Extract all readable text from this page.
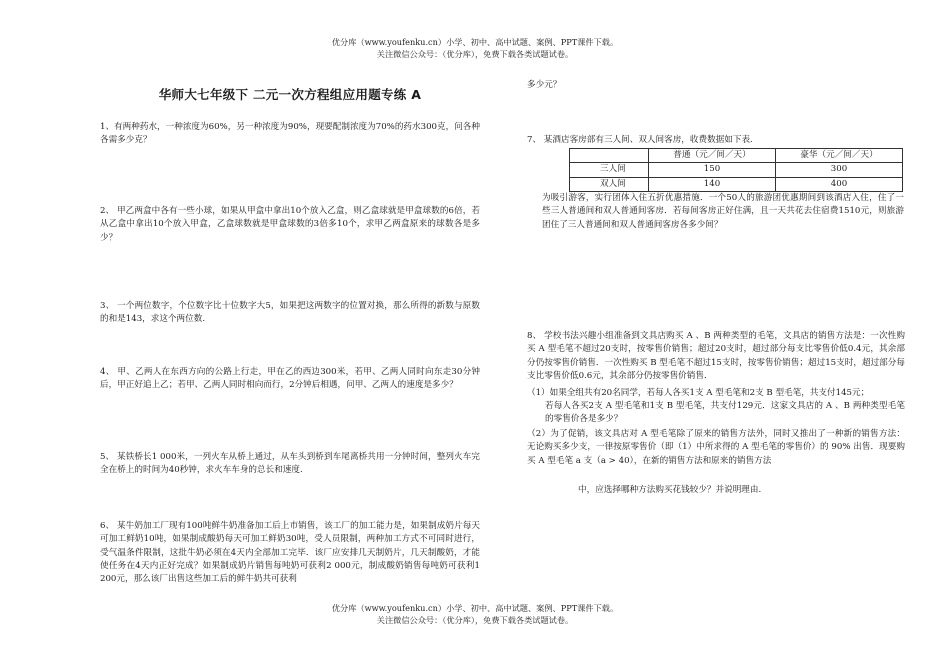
优分库（www.youfenku.cn）小学、初中、高中试题、案例、PPT课件下载。
关注微信公众号：（优分库），免费下载各类试题试卷。
华师大七年级下 二元一次方程组应用题专练 A
1、有两种药水，一种浓度为60%，另一种浓度为90%，现要配制浓度为70%的药水300克，问各种各需多少克？
2、 甲乙两盒中各有一些小球，如果从甲盒中拿出10个放入乙盒，则乙盒球就是甲盒球数的6倍，若从乙盒中拿出10个放入甲盒，乙盒球数就是甲盒球数的3倍多10个，求甲乙两盒原来的球数各是多少？
3、 一个两位数字，个位数字比十位数字大5，如果把这两数字的位置对换，那么所得的新数与原数的和是143，求这个两位数.
4、 甲、乙两人在东西方向的公路上行走，甲在乙的西边300米，若甲、乙两人同时向东走30分钟后，甲正好追上乙；若甲、乙两人同时相向而行，2分钟后相遇，问甲、乙两人的速度是多少？
5、 某铁桥长1 000米，一列火车从桥上通过，从车头到桥到车尾离桥共用一分钟时间，整列火车完全在桥上的时间为40秒钟，求火车车身的总长和速度.
6、 某牛奶加工厂现有100吨鲜牛奶准备加工后上市销售，该工厂的加工能力是，如果制成奶片每天可加工鲜奶10吨，如果制成酸奶每天可加工鲜奶30吨，受人员限制，两种加工方式不可同时进行，受气温条件限制，这批牛奶必须在4天内全部加工完毕．该厂应安排几天制奶片，几天制酸奶，才能使任务在4天内正好完成？如果制成奶片销售每吨奶可获利2 000元，制成酸奶销售每吨奶可获利1 200元，那么该厂出售这些加工后的鲜牛奶共可获利
多少元？
7、 某酒店客房部有三人间、双人间客房，收费数据如下表.
	普通（元／间／天）	豪华（元／间／天）
三人间	150	300
双人间	140	400
为吸引游客，实行团体入住五折优惠措施．一个50人的旅游团优惠期间到该酒店入住，住了一些三人普通间和双人普通间客房．若每间客房正好住满，且一天共花去住宿费1510元，则旅游团住了三人普通间和双人普通间客房各多少间？
8、 学校书法兴趣小组准备到文具店购买 A 、B 两种类型的毛笔，文具店的销售方法是：一次性购买 A 型毛笔不超过20支时，按零售价销售；超过20支时，超过部分每支比零售价低0.4元，其余部分仍按零售价销售．一次性购买 B 型毛笔不超过15支时，按零售价销售；超过15支时，超过部分每支比零售价低0.6元，其余部分仍按零售价销售．
（1）如果全组共有20名同学，若每人各买1支 A 型毛笔和2支 B 型毛笔，共支付145元；
若每人各买2支 A 型毛笔和1支 B 型毛笔，共支付129元．这家文具店的 A 、B 两种类型毛笔的零售价各是多少？
（2）为了促销，该文具店对 A 型毛笔除了原来的销售方法外，同时又推出了一种新的销售方法：无论购买多少支，一律按原零售价（即（1）中所求得的 A 型毛笔的零售价）的 90% 出售．现要购买 A 型毛笔 a 支（a > 40），在新的销售方法和原来的销售方法
中，应选择哪种方法购买花钱较少？并说明理由.
优分库（www.youfenku.cn）小学、初中、高中试题、案例、PPT课件下载。
关注微信公众号：（优分库），免费下载各类试题试卷。
